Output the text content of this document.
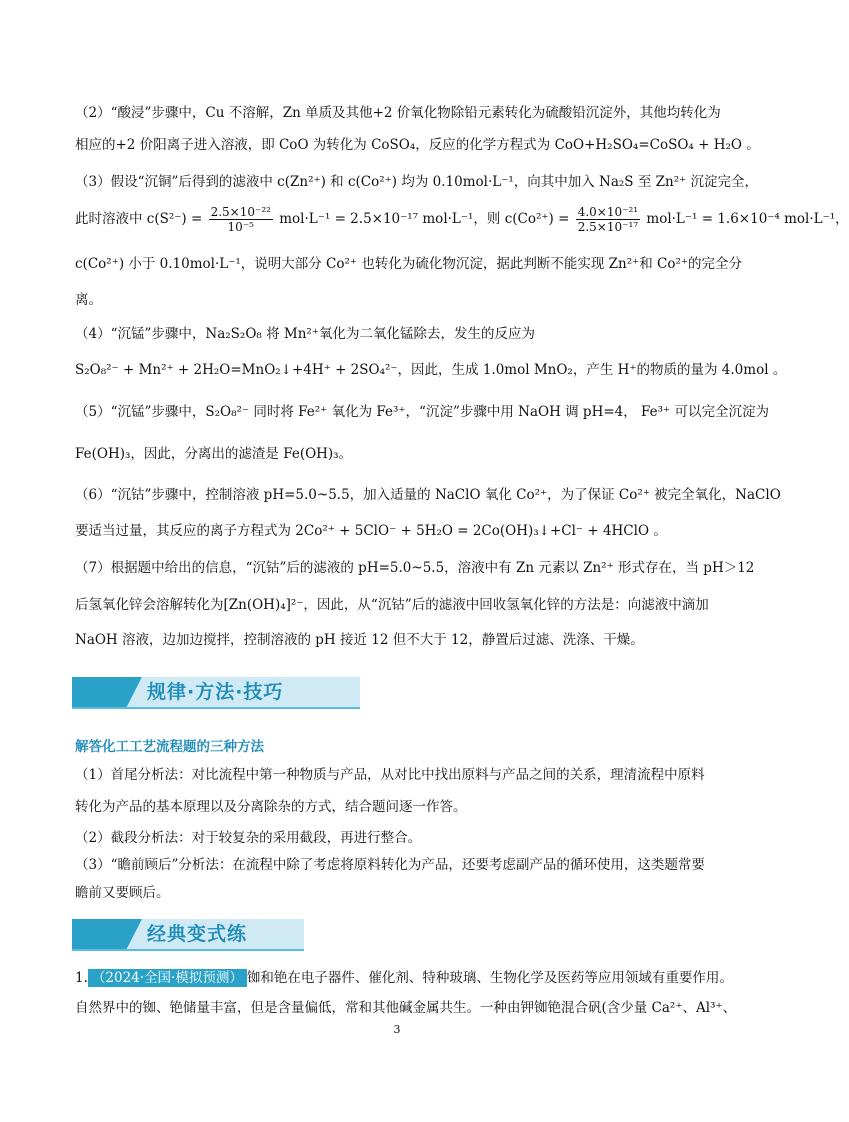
（2）“酸浸”步骤中，Cu 不溶解，Zn 单质及其他+2 价氧化物除铅元素转化为硫酸铅沉淀外，其他均转化为
相应的+2 价阳离子进入溶液，即 CoO 为转化为 CoSO₄，反应的化学方程式为 CoO+H₂SO₄=CoSO₄ + H₂O 。
（3）假设“沉铜”后得到的滤液中 c(Zn²⁺) 和 c(Co²⁺) 均为 0.10mol·L⁻¹，向其中加入 Na₂S 至 Zn²⁺ 沉淀完全，
此时溶液中 $c(S^{2-}) = \frac{\text{2.5×10⁻²²}}{\text{10⁻⁵}} mol\cdot L^{-1} = 2.5\times 10^{-17}$ mol·L⁻¹，则 $c(Co^{2+}) = \frac{\text{4.0×10⁻²¹}}{\text{2.5×10⁻¹⁷}} mol\cdot L^{-1} = 1.6\times 10^{-4}$ mol·L⁻¹，
c(Co²⁺) 小于 0.10mol·L⁻¹，说明大部分 Co²⁺ 也转化为硫化物沉淀，据此判断不能实现 Zn²⁺和 Co²⁺的完全分
离。
（4）“沉锰”步骤中，Na₂S₂O₈ 将 Mn²⁺氧化为二氧化锰除去，发生的反应为
S₂O₈²⁻ + Mn²⁺ + 2H₂O=MnO₂↓+4H⁺ + 2SO₄²⁻，因此，生成 1.0mol MnO₂，产生 H⁺的物质的量为 4.0mol 。
（5）“沉锰”步骤中，S₂O₈²⁻ 同时将 Fe²⁺ 氧化为 Fe³⁺，“沉淀”步骤中用 NaOH 调 pH=4， Fe³⁺ 可以完全沉淀为
Fe(OH)₃，因此，分离出的滤渣是 Fe(OH)₃。
（6）“沉钴”步骤中，控制溶液 pH=5.0~5.5，加入适量的 NaClO 氧化 Co²⁺，为了保证 Co²⁺ 被完全氧化，NaClO
要适当过量，其反应的离子方程式为 2Co²⁺ + 5ClO⁻ + 5H₂O = 2Co(OH)₃↓+Cl⁻ + 4HClO 。
（7）根据题中给出的信息，“沉钴”后的滤液的 pH=5.0~5.5，溶液中有 Zn 元素以 Zn²⁺ 形式存在，当 pH＞12
后氢氧化锌会溶解转化为[Zn(OH)₄]²⁻，因此，从“沉钴”后的滤液中回收氢氧化锌的方法是：向滤液中滴加
NaOH 溶液，边加边搅拌，控制溶液的 pH 接近 12 但不大于 12，静置后过滤、洗涤、干燥。
规律·方法·技巧
解答化工工艺流程题的三种方法
（1）首尾分析法：对比流程中第一种物质与产品，从对比中找出原料与产品之间的关系，理清流程中原料
转化为产品的基本原理以及分离除杂的方式，结合题问逐一作答。
（2）截段分析法：对于较复杂的采用截段，再进行整合。
（3）“瞻前顾后”分析法：在流程中除了考虑将原料转化为产品，还要考虑副产品的循环使用，这类题常要
瞻前又要顾后。
经典变式练
1. （2024·全国·模拟预测） 铷和铯在电子器件、催化剂、特种玻璃、生物化学及医药等应用领域有重要作用。
自然界中的铷、铯储量丰富，但是含量偏低，常和其他碱金属共生。一种由钾铷铯混合矾(含少量 Ca²⁺、Al³⁺、
3
